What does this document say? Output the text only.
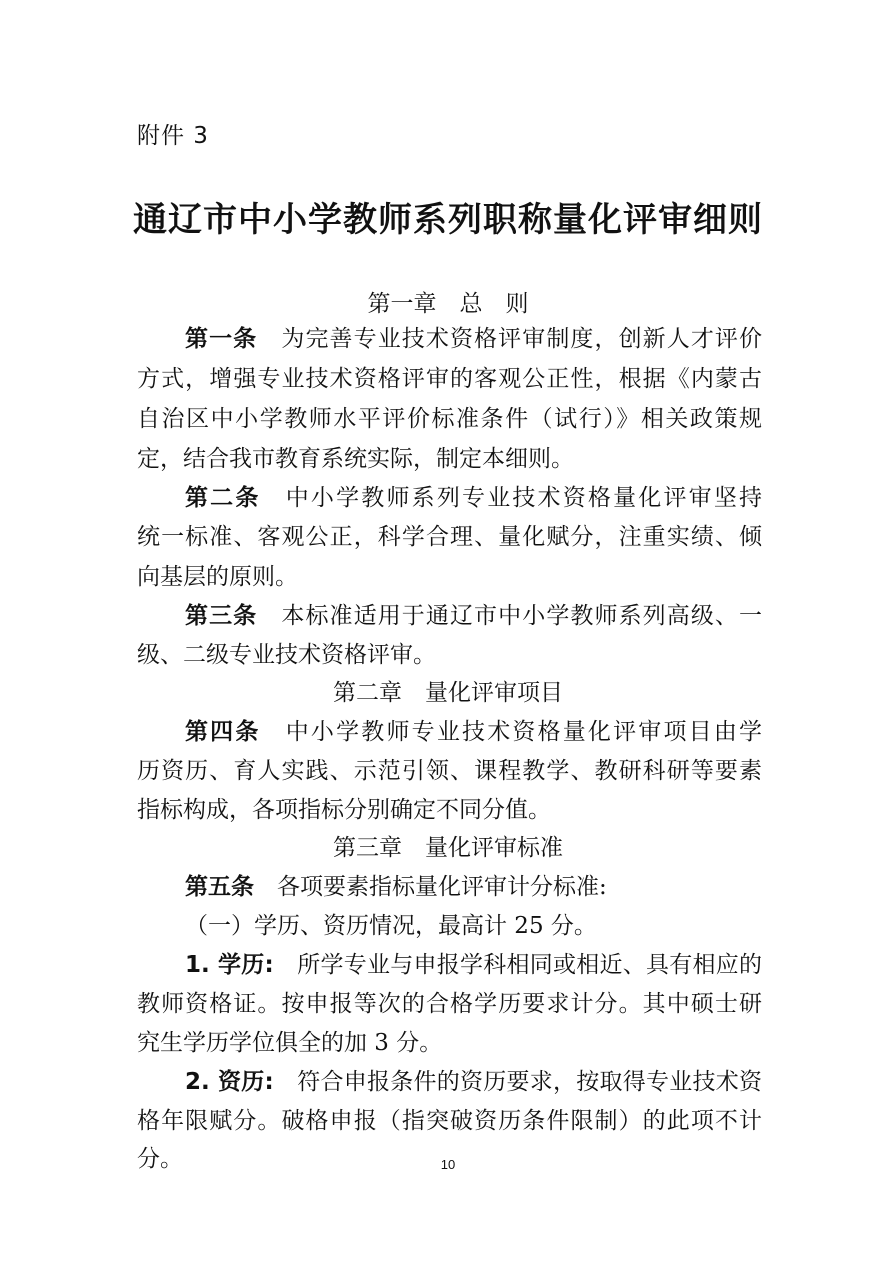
附件 3
通辽市中小学教师系列职称量化评审细则
第一章　总　则
第一条　 为完善专业技术资格评审制度，创新人才评价
方式，增强专业技术资格评审的客观公正性，根据《内蒙古
自治区中小学教师水平评价标准条件（试行）》相关政策规
定，结合我市教育系统实际，制定本细则。
第二条　 中小学教师系列专业技术资格量化评审坚持
统一标准、客观公正，科学合理、量化赋分，注重实绩、倾
向基层的原则。
第三条　 本标准适用于通辽市中小学教师系列高级、一
级、二级专业技术资格评审。
第二章　量化评审项目
第四条　 中小学教师专业技术资格量化评审项目由学
历资历、育人实践、示范引领、课程教学、教研科研等要素
指标构成，各项指标分别确定不同分值。
第三章　量化评审标准
第五条　 各项要素指标量化评审计分标准:
（一）学历、资历情况，最高计 25 分。
1. 学历:　 所学专业与申报学科相同或相近、具有相应的
教师资格证。按申报等次的合格学历要求计分。其中硕士研
究生学历学位俱全的加 3 分。
2. 资历:　 符合申报条件的资历要求，按取得专业技术资
格年限赋分。破格申报（指突破资历条件限制）的此项不计
分。	10
